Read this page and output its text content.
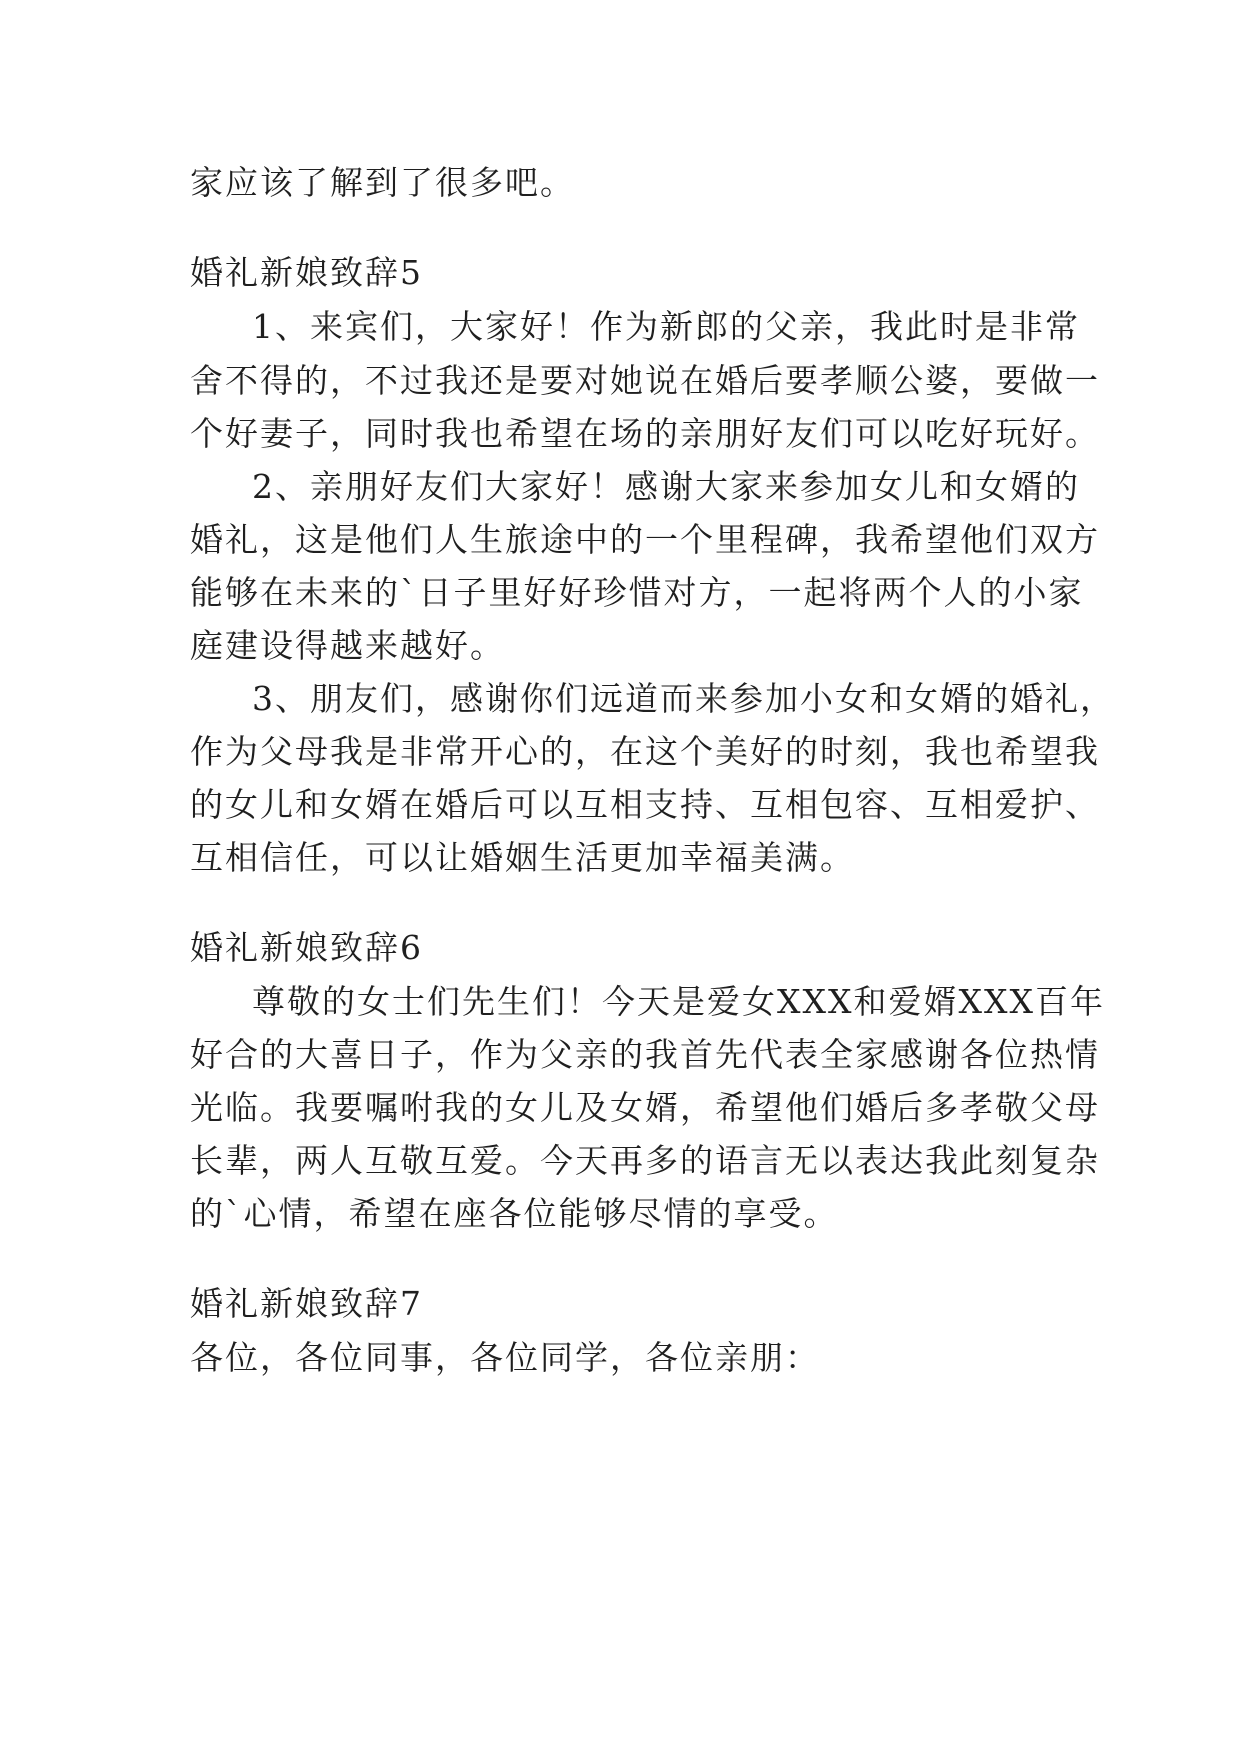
家应该了解到了很多吧。
婚礼新娘致辞5
1、来宾们，大家好！作为新郎的父亲，我此时是非常
舍不得的，不过我还是要对她说在婚后要孝顺公婆，要做一
个好妻子，同时我也希望在场的亲朋好友们可以吃好玩好。
2、亲朋好友们大家好！感谢大家来参加女儿和女婿的
婚礼，这是他们人生旅途中的一个里程碑，我希望他们双方
能够在未来的`日子里好好珍惜对方，一起将两个人的小家
庭建设得越来越好。
3、朋友们，感谢你们远道而来参加小女和女婿的婚礼，
作为父母我是非常开心的，在这个美好的时刻，我也希望我
的女儿和女婿在婚后可以互相支持、互相包容、互相爱护、
互相信任，可以让婚姻生活更加幸福美满。
婚礼新娘致辞6
尊敬的女士们先生们！今天是爱女XXX和爱婿XXX百年
好合的大喜日子，作为父亲的我首先代表全家感谢各位热情
光临。我要嘱咐我的女儿及女婿，希望他们婚后多孝敬父母
长辈，两人互敬互爱。今天再多的语言无以表达我此刻复杂
的`心情，希望在座各位能够尽情的享受。
婚礼新娘致辞7
各位，各位同事，各位同学，各位亲朋：
